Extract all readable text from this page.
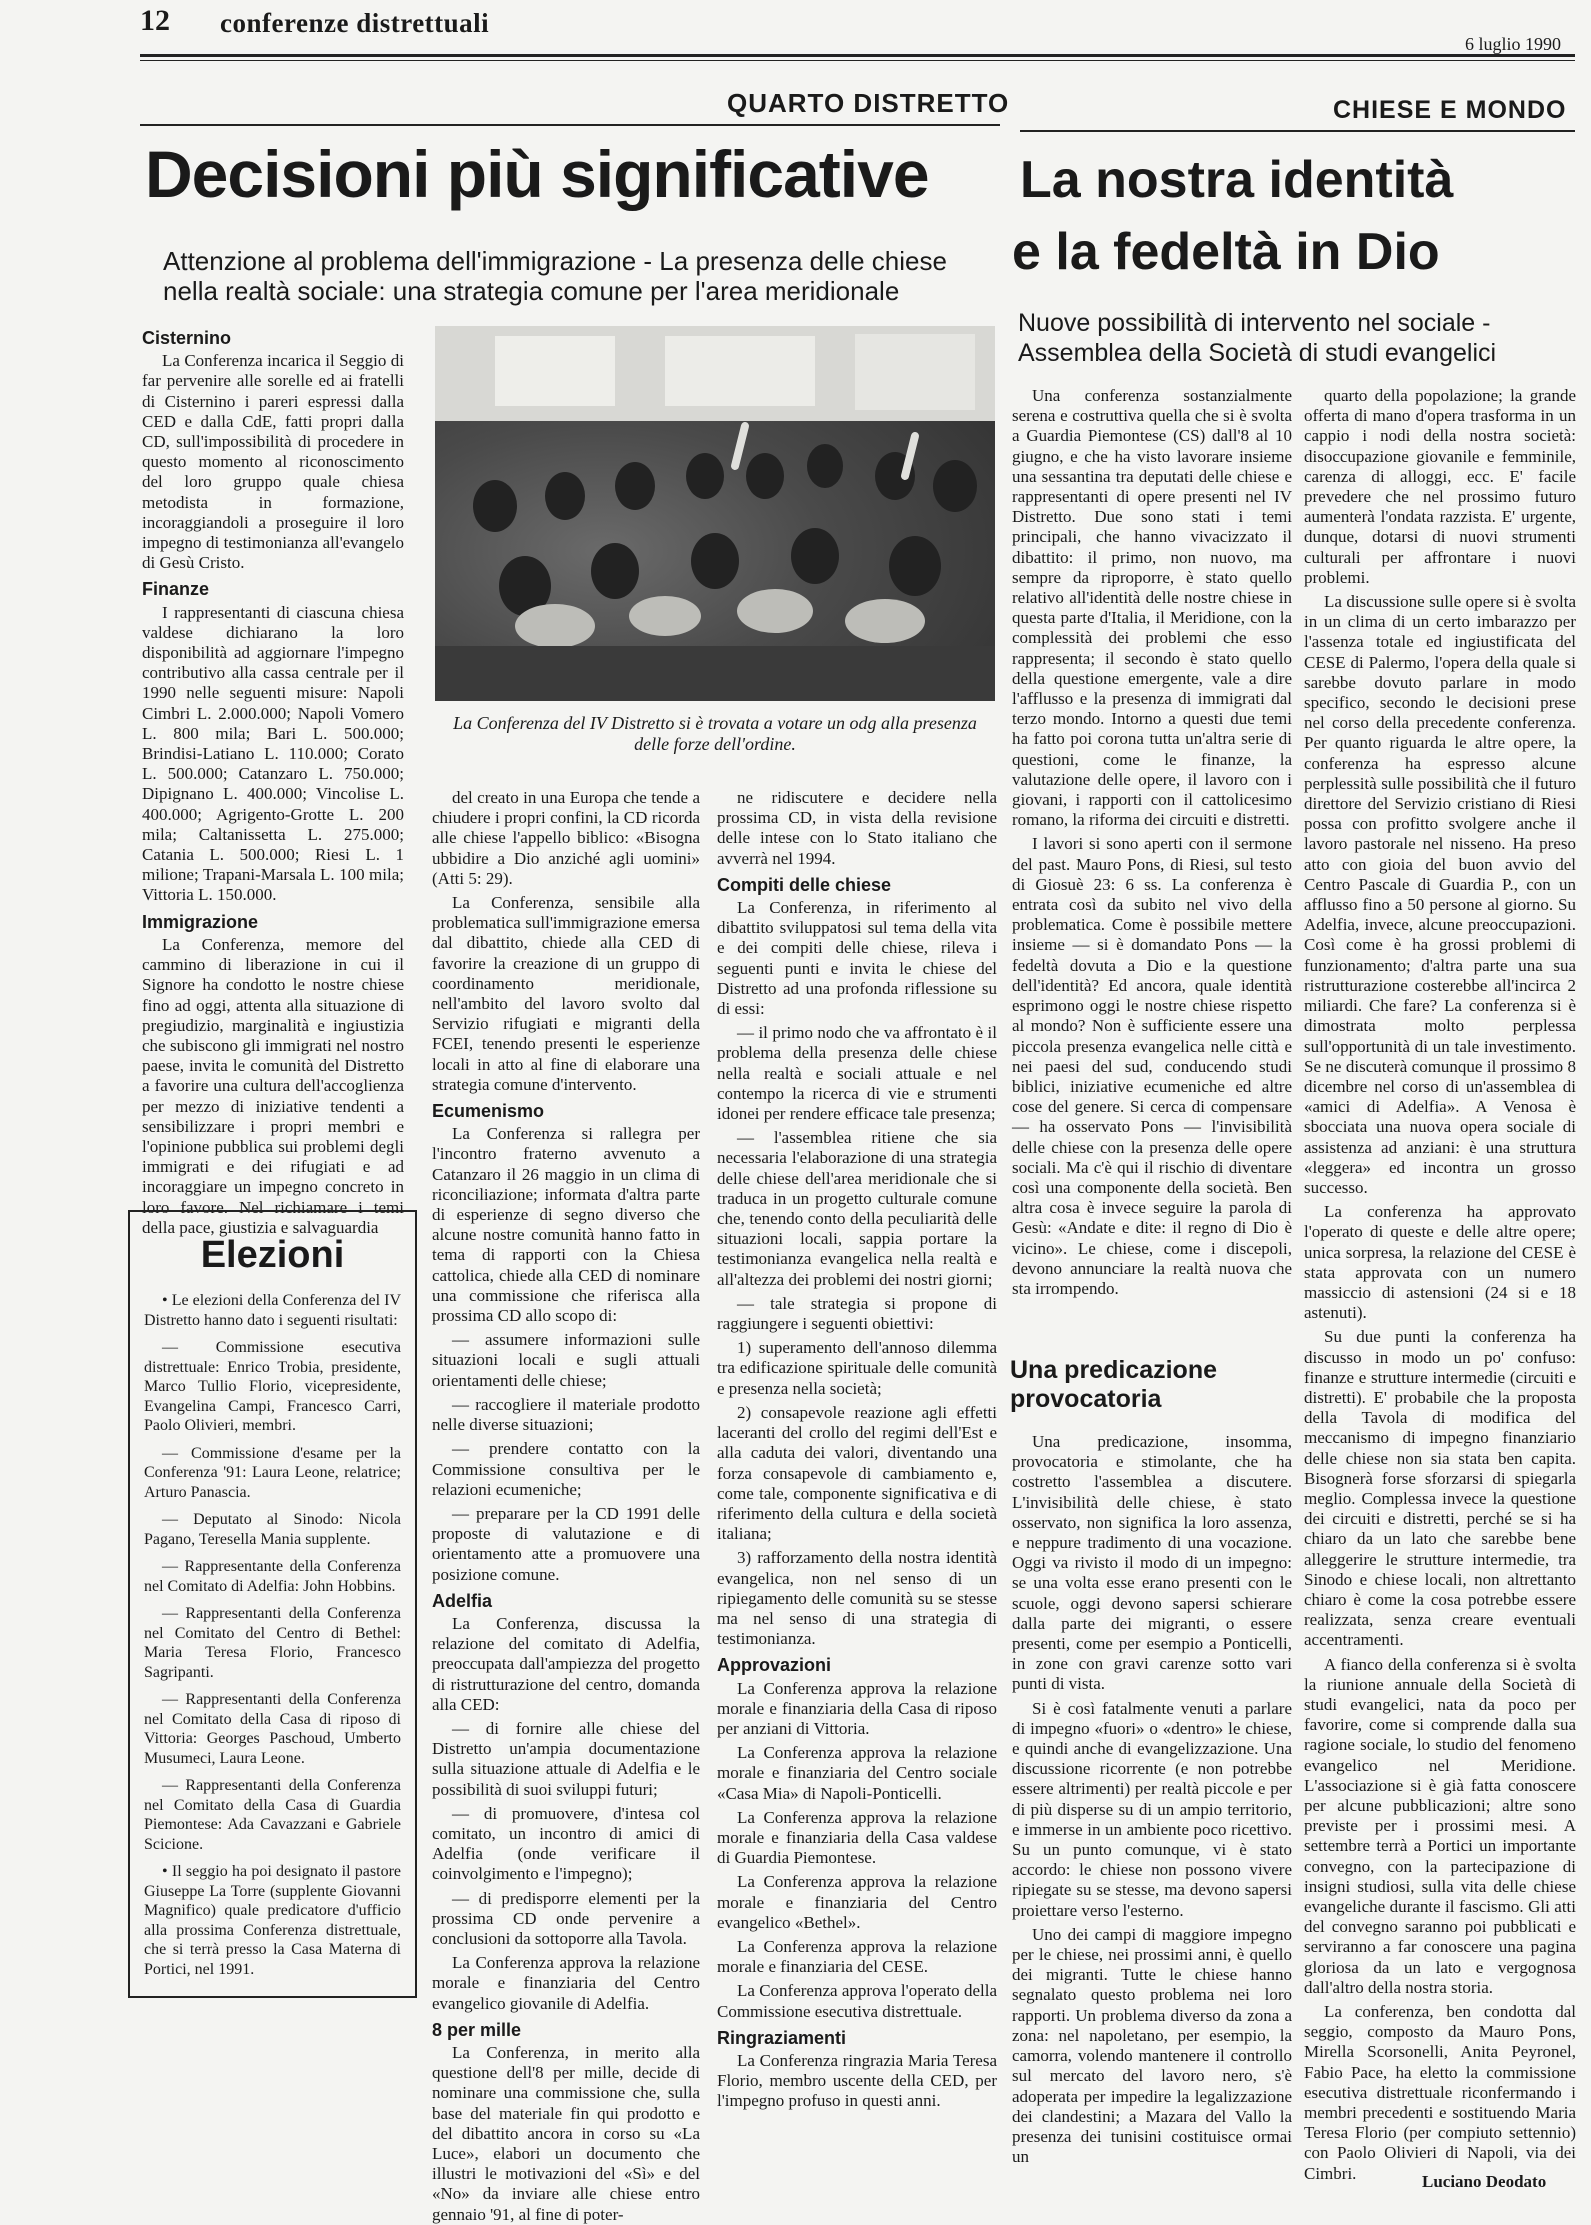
12 conferenze distrettuali
6 luglio 1990
QUARTO DISTRETTO
Decisioni più significative
Attenzione al problema dell'immigrazione - La presenza delle chiese nella realtà sociale: una strategia comune per l'area meridionale
Cisternino

La Conferenza incarica il Seggio di far pervenire alle sorelle ed ai fratelli di Cisternino i pareri espressi dalla CED e dalla CdE, fatti propri dalla CD, sull'impossibilità di procedere in questo momento al riconoscimento del loro gruppo quale chiesa metodista in formazione, incoraggiandoli a proseguire il loro impegno di testimonianza all'evangelo di Gesù Cristo.

Finanze

I rappresentanti di ciascuna chiesa valdese dichiarano la loro disponibilità ad aggiornare l'impegno contributivo alla cassa centrale per il 1990 nelle seguenti misure: Napoli Cimbri L. 2.000.000; Napoli Vomero L. 800 mila; Bari L. 500.000; Brindisi-Latiano L. 110.000; Corato L. 500.000; Catanzaro L. 750.000; Dipignano L. 400.000; Vincolise L. 400.000; Agrigento-Grotte L. 200 mila; Caltanissetta L. 275.000; Catania L. 500.000; Riesi L. 1 milione; Trapani-Marsala L. 100 mila; Vittoria L. 150.000.

Immigrazione

La Conferenza, memore del cammino di liberazione in cui il Signore ha condotto le nostre chiese fino ad oggi, attenta alla situazione di pregiudizio, marginalità e ingiustizia che subiscono gli immigrati nel nostro paese, invita le comunità del Distretto a favorire una cultura dell'accoglienza per mezzo di iniziative tendenti a sensibilizzare i propri membri e l'opinione pubblica sui problemi degli immigrati e dei rifugiati e ad incoraggiare un impegno concreto in loro favore. Nel richiamare i temi della pace, giustizia e salvaguardia

La Conferenza del IV Distretto si è trovata a votare un odg alla presenza delle forze dell'ordine.

del creato in una Europa che tende a chiudere i propri confini, la CD ricorda alle chiese l'appello biblico: «Bisogna ubbidire a Dio anziché agli uomini» (Atti 5: 29).

La Conferenza, sensibile alla problematica sull'immigrazione emersa dal dibattito, chiede alla CED di favorire la creazione di un gruppo di coordinamento meridionale, nell'ambito del lavoro svolto dal Servizio rifugiati e migranti della FCEI, tenendo presenti le esperienze locali in atto al fine di elaborare una strategia comune d'intervento.

Ecumenismo

La Conferenza si rallegra per l'incontro fraterno avvenuto a Catanzaro il 26 maggio in un clima di riconciliazione; informata d'altra parte di esperienze di segno diverso che alcune nostre comunità hanno fatto in tema di rapporti con la Chiesa cattolica, chiede alla CED di nominare una commissione che riferisca alla prossima CD allo scopo di:

— assumere informazioni sulle situazioni locali e sugli attuali orientamenti delle chiese;

— raccogliere il materiale prodotto nelle diverse situazioni;

— prendere contatto con la Commissione consultiva per le relazioni ecumeniche;

— preparare per la CD 1991 delle proposte di valutazione e di orientamento atte a promuovere una posizione comune.

Adelfia

La Conferenza, discussa la relazione del comitato di Adelfia, preoccupata dall'ampiezza del progetto di ristrutturazione del centro, domanda alla CED:

— di fornire alle chiese del Distretto un'ampia documentazione sulla situazione attuale di Adelfia e le possibilità di suoi sviluppi futuri;

— di promuovere, d'intesa col comitato, un incontro di amici di Adelfia (onde verificare il coinvolgimento e l'impegno);

— di predisporre elementi per la prossima CD onde pervenire a conclusioni da sottoporre alla Tavola.

La Conferenza approva la relazione morale e finanziaria del Centro evangelico giovanile di Adelfia.

8 per mille

La Conferenza, in merito alla questione dell'8 per mille, decide di nominare una commissione che, sulla base del materiale fin qui prodotto e del dibattito ancora in corso su «La Luce», elabori un documento che illustri le motivazioni del «Sì» e del «No» da inviare alle chiese entro gennaio '91, al fine di poter-

ne ridiscutere e decidere nella prossima CD, in vista della revisione delle intese con lo Stato italiano che avverrà nel 1994.

Compiti delle chiese

La Conferenza, in riferimento al dibattito sviluppatosi sul tema della vita e dei compiti delle chiese, rileva i seguenti punti e invita le chiese del Distretto ad una profonda riflessione su di essi:

— il primo nodo che va affrontato è il problema della presenza delle chiese nella realtà e sociali attuale e nel contempo la ricerca di vie e strumenti idonei per rendere efficace tale presenza;

— l'assemblea ritiene che sia necessaria l'elaborazione di una strategia delle chiese dell'area meridionale che si traduca in un progetto culturale comune che, tenendo conto della peculiarità delle situazioni locali, sappia portare la testimonianza evangelica nella realtà e all'altezza dei problemi dei nostri giorni;

— tale strategia si propone di raggiungere i seguenti obiettivi:

1) superamento dell'annoso dilemma tra edificazione spirituale delle comunità e presenza nella società;

2) consapevole reazione agli effetti laceranti del crollo del regimi dell'Est e alla caduta dei valori, diventando una forza consapevole di cambiamento e, come tale, componente significativa e di riferimento della cultura e della società italiana;

3) rafforzamento della nostra identità evangelica, non nel senso di un ripiegamento delle comunità su se stesse ma nel senso di una strategia di testimonianza.

Approvazioni

La Conferenza approva la relazione morale e finanziaria della Casa di riposo per anziani di Vittoria.

La Conferenza approva la relazione morale e finanziaria del Centro sociale «Casa Mia» di Napoli-Ponticelli.

La Conferenza approva la relazione morale e finanziaria della Casa valdese di Guardia Piemontese.

La Conferenza approva la relazione morale e finanziaria del Centro evangelico «Bethel».

La Conferenza approva la relazione morale e finanziaria del CESE.

La Conferenza approva l'operato della Commissione esecutiva distrettuale.

Ringraziamenti

La Conferenza ringrazia Maria Teresa Florio, membro uscente della CED, per l'impegno profuso in questi anni.

Elezioni
• Le elezioni della Conferenza del IV Distretto hanno dato i seguenti risultati:
— Commissione esecutiva distrettuale: Enrico Trobia, presidente, Marco Tullio Florio, vicepresidente, Evangelina Campi, Francesco Carri, Paolo Olivieri, membri.
— Commissione d'esame per la Conferenza '91: Laura Leone, relatrice; Arturo Panascia.
— Deputato al Sinodo: Nicola Pagano, Teresella Mania supplente.
— Rappresentante della Conferenza nel Comitato di Adelfia: John Hobbins.
— Rappresentanti della Conferenza nel Comitato del Centro di Bethel: Maria Teresa Florio, Francesco Sagripanti.
— Rappresentanti della Conferenza nel Comitato della Casa di riposo di Vittoria: Georges Paschoud, Umberto Musumeci, Laura Leone.
— Rappresentanti della Conferenza nel Comitato della Casa di Guardia Piemontese: Ada Cavazzani e Gabriele Scicione.
• Il seggio ha poi designato il pastore Giuseppe La Torre (supplente Giovanni Magnifico) quale predicatore d'ufficio alla prossima Conferenza distrettuale, che si terrà presso la Casa Materna di Portici, nel 1991.
CHIESE E MONDO
La nostra identità
e la fedeltà in Dio
Nuove possibilità di intervento nel sociale - Assemblea della Società di studi evangelici

Una conferenza sostanzialmente serena e costruttiva quella che si è svolta a Guardia Piemontese (CS) dall'8 al 10 giugno, e che ha visto lavorare insieme una sessantina tra deputati delle chiese e rappresentanti di opere presenti nel IV Distretto. Due sono stati i temi principali, che hanno vivacizzato il dibattito: il primo, non nuovo, ma sempre da riproporre, è stato quello relativo all'identità delle nostre chiese in questa parte d'Italia, il Meridione, con la complessità dei problemi che esso rappresenta; il secondo è stato quello della questione emergente, vale a dire l'afflusso e la presenza di immigrati dal terzo mondo. Intorno a questi due temi ha fatto poi corona tutta un'altra serie di questioni, come le finanze, la valutazione delle opere, il lavoro con i giovani, i rapporti con il cattolicesimo romano, la riforma dei circuiti e distretti.

I lavori si sono aperti con il sermone del past. Mauro Pons, di Riesi, sul testo di Giosuè 23: 6 ss. La conferenza è entrata così da subito nel vivo della problematica. Come è possibile mettere insieme — si è domandato Pons — la fedeltà dovuta a Dio e la questione dell'identità? Ed ancora, quale identità esprimono oggi le nostre chiese rispetto al mondo? Non è sufficiente essere una piccola presenza evangelica nelle città e nei paesi del sud, conducendo studi biblici, iniziative ecumeniche ed altre cose del genere. Si cerca di compensare — ha osservato Pons — l'invisibilità delle chiese con la presenza delle opere sociali. Ma c'è qui il rischio di diventare così una componente della società. Ben altra cosa è invece seguire la parola di Gesù: «Andate e dite: il regno di Dio è vicino». Le chiese, come i discepoli, devono annunciare la realtà nuova che sta irrompendo.

Una predicazione provocatoria

Una predicazione, insomma, provocatoria e stimolante, che ha costretto l'assemblea a discutere. L'invisibilità delle chiese, è stato osservato, non significa la loro assenza, e neppure tradimento di una vocazione. Oggi va rivisto il modo di un impegno: se una volta esse erano presenti con le scuole, oggi devono sapersi schierare dalla parte dei migranti, o essere presenti, come per esempio a Ponticelli, in zone con gravi carenze sotto vari punti di vista.

Si è così fatalmente venuti a parlare di impegno «fuori» o «dentro» le chiese, e quindi anche di evangelizzazione. Una discussione ricorrente (e non potrebbe essere altrimenti) per realtà piccole e per di più disperse su di un ampio territorio, e immerse in un ambiente poco ricettivo. Su un punto comunque, vi è stato accordo: le chiese non possono vivere ripiegate su se stesse, ma devono sapersi proiettare verso l'esterno.

Uno dei campi di maggiore impegno per le chiese, nei prossimi anni, è quello dei migranti. Tutte le chiese hanno segnalato questo problema nei loro rapporti. Un problema diverso da zona a zona: nel napoletano, per esempio, la camorra, volendo mantenere il controllo sul mercato del lavoro nero, s'è adoperata per impedire la legalizzazione dei clandestini; a Mazara del Vallo la presenza dei tunisini costituisce ormai un

quarto della popolazione; la grande offerta di mano d'opera trasforma in un cappio i nodi della nostra società: disoccupazione giovanile e femminile, carenza di alloggi, ecc. E' facile prevedere che nel prossimo futuro aumenterà l'ondata razzista. E' urgente, dunque, dotarsi di nuovi strumenti culturali per affrontare i nuovi problemi.

La discussione sulle opere si è svolta in un clima di un certo imbarazzo per l'assenza totale ed ingiustificata del CESE di Palermo, l'opera della quale si sarebbe dovuto parlare in modo specifico, secondo le decisioni prese nel corso della precedente conferenza. Per quanto riguarda le altre opere, la conferenza ha espresso alcune perplessità sulle possibilità che il futuro direttore del Servizio cristiano di Riesi possa con profitto svolgere anche il lavoro pastorale nel nisseno. Ha preso atto con gioia del buon avvio del Centro Pascale di Guardia P., con un afflusso fino a 50 persone al giorno. Su Adelfia, invece, alcune preoccupazioni. Così come è ha grossi problemi di funzionamento; d'altra parte una sua ristrutturazione costerebbe all'incirca 2 miliardi. Che fare? La conferenza si è dimostrata molto perplessa sull'opportunità di un tale investimento. Se ne discuterà comunque il prossimo 8 dicembre nel corso di un'assemblea di «amici di Adelfia». A Venosa è sbocciata una nuova opera sociale di assistenza ad anziani: è una struttura «leggera» ed incontra un grosso successo.

La conferenza ha approvato l'operato di queste e delle altre opere; unica sorpresa, la relazione del CESE è stata approvata con un numero massiccio di astensioni (24 si e 18 astenuti).

Su due punti la conferenza ha discusso in modo un po' confuso: finanze e strutture intermedie (circuiti e distretti). E' probabile che la proposta della Tavola di modifica del meccanismo di impegno finanziario delle chiese non sia stata ben capita. Bisognerà forse sforzarsi di spiegarla meglio. Complessa invece la questione dei circuiti e distretti, perché se si ha chiaro da un lato che sarebbe bene alleggerire le strutture intermedie, tra Sinodo e chiese locali, non altrettanto chiaro è come la cosa potrebbe essere realizzata, senza creare eventuali accentramenti.

A fianco della conferenza si è svolta la riunione annuale della Società di studi evangelici, nata da poco per favorire, come si comprende dalla sua ragione sociale, lo studio del fenomeno evangelico nel Meridione. L'associazione si è già fatta conoscere per alcune pubblicazioni; altre sono previste per i prossimi mesi. A settembre terrà a Portici un importante convegno, con la partecipazione di insigni studiosi, sulla vita delle chiese evangeliche durante il fascismo. Gli atti del convegno saranno poi pubblicati e serviranno a far conoscere una pagina gloriosa da un lato e vergognosa dall'altro della nostra storia.

La conferenza, ben condotta dal seggio, composto da Mauro Pons, Mirella Scorsonelli, Anita Peyronel, Fabio Pace, ha eletto la commissione esecutiva distrettuale riconfermando i membri precedenti e sostituendo Maria Teresa Florio (per compiuto settennio) con Paolo Olivieri di Napoli, via dei Cimbri.	Luciano Deodato
